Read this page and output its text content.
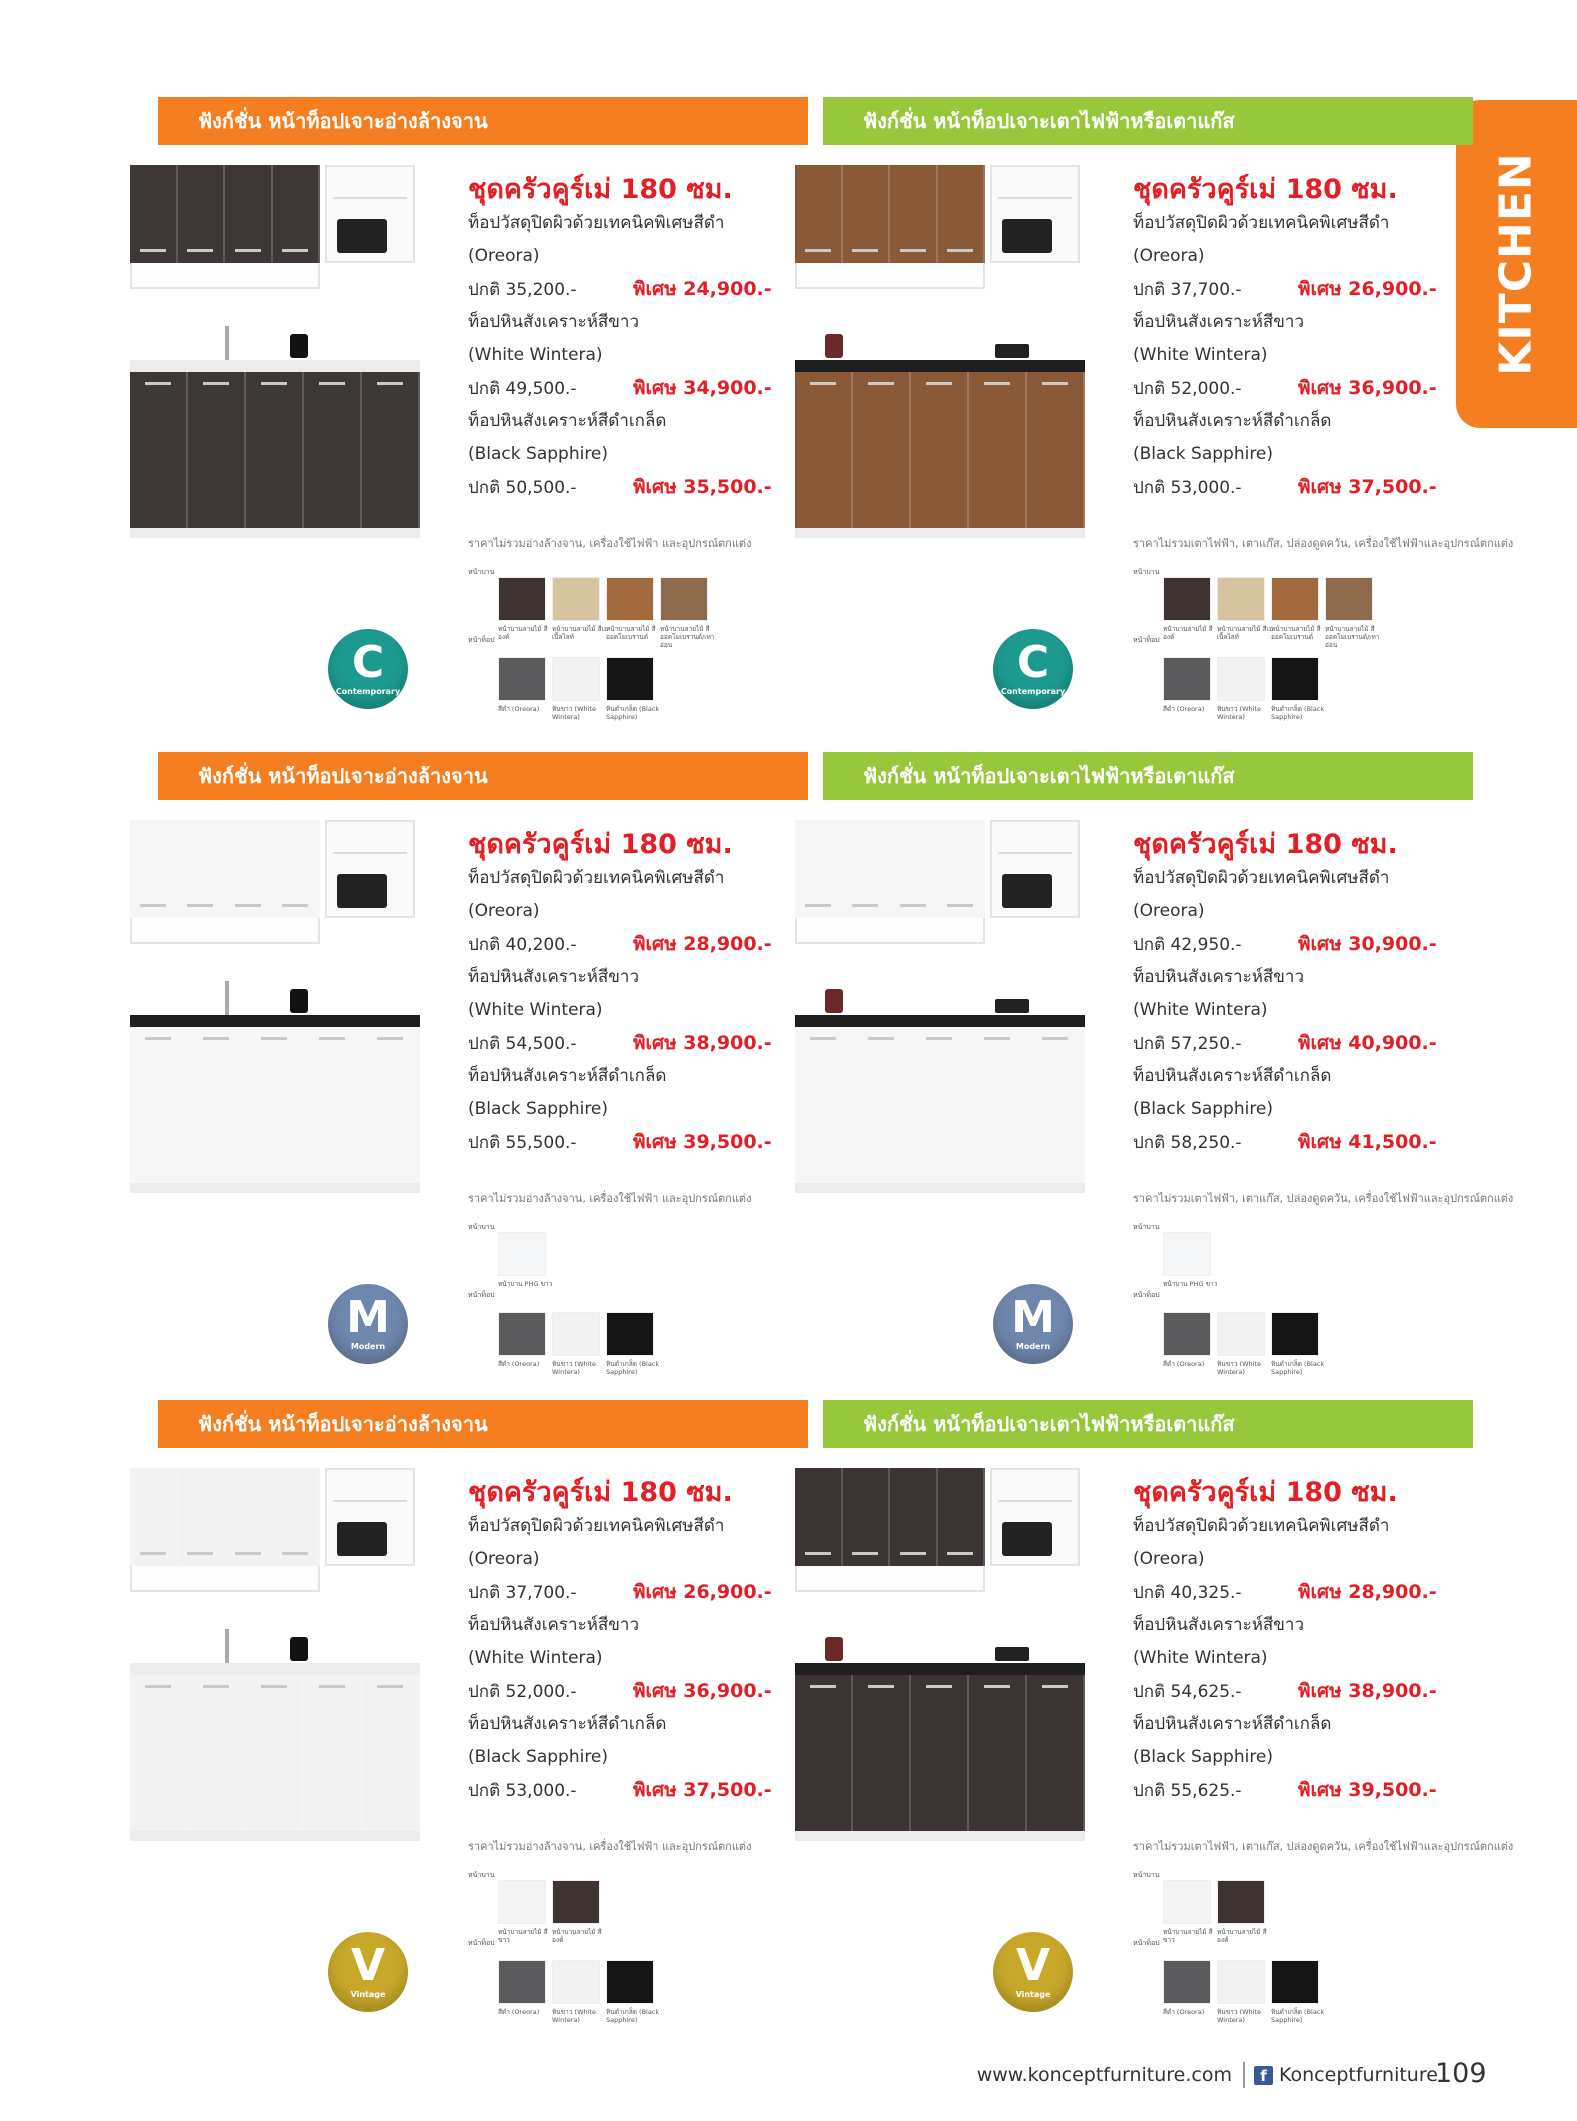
KITCHEN
ฟังก์ชั่น หน้าท็อปเจาะอ่างล้างจาน
ชุดครัวคูร์เม่ 180 ซม.
ท็อปวัสดุปิดผิวด้วยเทคนิคพิเศษสีดำ
(Oreora)
ปกติ 35,200.-	พิเศษ 24,900.-
ท็อปหินสังเคราะห์สีขาว
(White Wintera)
ปกติ 49,500.-	พิเศษ 34,900.-
ท็อปหินสังเคราะห์สีดำเกล็ด
(Black Sapphire)
ปกติ 50,500.-	พิเศษ 35,500.-
ราคาไม่รวมอ่างล้างจาน, เครื่องใช้ไฟฟ้า และอุปกรณ์ตกแต่ง
หน้าบาน
หน้าบานลายไม้ สีองค์
หน้าบานลายไม้ สีเมเปิ้ลไลท์
หน้าบานลายไม้ สีออคโมเบรานด์
หน้าบานลายไม้ สีออคโมเบรานด์/เทาอ่อน
หน้าท็อป
สีดำ (Oreora)	หินขาว (White Wintera)
หินดำเกล็ด (Black Sapphire)
C
Contemporary
ฟังก์ชั่น หน้าท็อปเจาะเตาไฟฟ้าหรือเตาแก๊ส
ชุดครัวคูร์เม่ 180 ซม.
ท็อปวัสดุปิดผิวด้วยเทคนิคพิเศษสีดำ
(Oreora)
ปกติ 37,700.-	พิเศษ 26,900.-
ท็อปหินสังเคราะห์สีขาว
(White Wintera)
ปกติ 52,000.-	พิเศษ 36,900.-
ท็อปหินสังเคราะห์สีดำเกล็ด
(Black Sapphire)
ปกติ 53,000.-	พิเศษ 37,500.-
ราคาไม่รวมเตาไฟฟ้า, เตาแก๊ส, ปล่องดูดควัน, เครื่องใช้ไฟฟ้าและอุปกรณ์ตกแต่ง
หน้าบาน
หน้าบานลายไม้ สีองค์
หน้าบานลายไม้ สีเมเปิ้ลไลท์
หน้าบานลายไม้ สีออคโมเบรานด์
หน้าบานลายไม้ สีออคโมเบรานด์/เทาอ่อน
หน้าท็อป
สีดำ (Oreora)	หินขาว (White Wintera)
หินดำเกล็ด (Black Sapphire)
C
Contemporary
ฟังก์ชั่น หน้าท็อปเจาะอ่างล้างจาน
ชุดครัวคูร์เม่ 180 ซม.
ท็อปวัสดุปิดผิวด้วยเทคนิคพิเศษสีดำ
(Oreora)
ปกติ 40,200.-	พิเศษ 28,900.-
ท็อปหินสังเคราะห์สีขาว
(White Wintera)
ปกติ 54,500.-	พิเศษ 38,900.-
ท็อปหินสังเคราะห์สีดำเกล็ด
(Black Sapphire)
ปกติ 55,500.-	พิเศษ 39,500.-
ราคาไม่รวมอ่างล้างจาน, เครื่องใช้ไฟฟ้า และอุปกรณ์ตกแต่ง
หน้าบาน
หน้าบาน PHG ขาว
หน้าท็อป
สีดำ (Oreora)	หินขาว (White Wintera)
หินดำเกล็ด (Black Sapphire)
M
Modern
ฟังก์ชั่น หน้าท็อปเจาะเตาไฟฟ้าหรือเตาแก๊ส
ชุดครัวคูร์เม่ 180 ซม.
ท็อปวัสดุปิดผิวด้วยเทคนิคพิเศษสีดำ
(Oreora)
ปกติ 42,950.-	พิเศษ 30,900.-
ท็อปหินสังเคราะห์สีขาว
(White Wintera)
ปกติ 57,250.-	พิเศษ 40,900.-
ท็อปหินสังเคราะห์สีดำเกล็ด
(Black Sapphire)
ปกติ 58,250.-	พิเศษ 41,500.-
ราคาไม่รวมเตาไฟฟ้า, เตาแก๊ส, ปล่องดูดควัน, เครื่องใช้ไฟฟ้าและอุปกรณ์ตกแต่ง
หน้าบาน
หน้าบาน PHG ขาว
หน้าท็อป
สีดำ (Oreora)	หินขาว (White Wintera)
หินดำเกล็ด (Black Sapphire)
M
Modern
ฟังก์ชั่น หน้าท็อปเจาะอ่างล้างจาน
ชุดครัวคูร์เม่ 180 ซม.
ท็อปวัสดุปิดผิวด้วยเทคนิคพิเศษสีดำ
(Oreora)
ปกติ 37,700.-	พิเศษ 26,900.-
ท็อปหินสังเคราะห์สีขาว
(White Wintera)
ปกติ 52,000.-	พิเศษ 36,900.-
ท็อปหินสังเคราะห์สีดำเกล็ด
(Black Sapphire)
ปกติ 53,000.-	พิเศษ 37,500.-
ราคาไม่รวมอ่างล้างจาน, เครื่องใช้ไฟฟ้า และอุปกรณ์ตกแต่ง
หน้าบาน
หน้าบานลายไม้ สีขาว
หน้าบานลายไม้ สีองค์
หน้าท็อป
สีดำ (Oreora)	หินขาว (White Wintera)
หินดำเกล็ด (Black Sapphire)
V
Vintage
ฟังก์ชั่น หน้าท็อปเจาะเตาไฟฟ้าหรือเตาแก๊ส
ชุดครัวคูร์เม่ 180 ซม.
ท็อปวัสดุปิดผิวด้วยเทคนิคพิเศษสีดำ
(Oreora)
ปกติ 40,325.-	พิเศษ 28,900.-
ท็อปหินสังเคราะห์สีขาว
(White Wintera)
ปกติ 54,625.-	พิเศษ 38,900.-
ท็อปหินสังเคราะห์สีดำเกล็ด
(Black Sapphire)
ปกติ 55,625.-	พิเศษ 39,500.-
ราคาไม่รวมเตาไฟฟ้า, เตาแก๊ส, ปล่องดูดควัน, เครื่องใช้ไฟฟ้าและอุปกรณ์ตกแต่ง
หน้าบาน
หน้าบานลายไม้ สีขาว
หน้าบานลายไม้ สีองค์
หน้าท็อป
สีดำ (Oreora)	หินขาว (White Wintera)
หินดำเกล็ด (Black Sapphire)
V
Vintage
www.konceptfurniture.com	f Konceptfurniture
109
